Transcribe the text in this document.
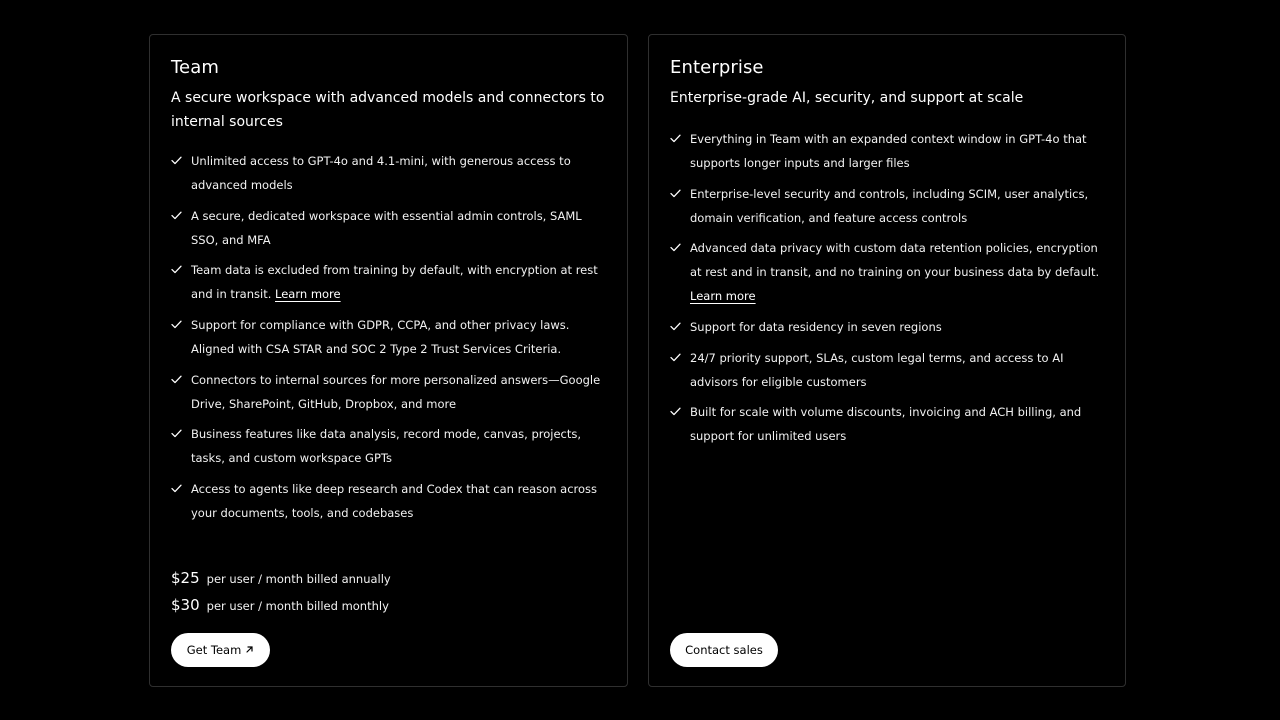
Team

A secure workspace with advanced models and connectors to internal sources

Unlimited access to GPT-4o and 4.1-mini, with generous access to advanced models
A secure, dedicated workspace with essential admin controls, SAML SSO, and MFA
Team data is excluded from training by default, with encryption at rest and in transit. Learn more
Support for compliance with GDPR, CCPA, and other privacy laws. Aligned with CSA STAR and SOC 2 Type 2 Trust Services Criteria.
Connectors to internal sources for more personalized answers—Google Drive, SharePoint, GitHub, Dropbox, and more
Business features like data analysis, record mode, canvas, projects, tasks, and custom workspace GPTs
Access to agents like deep research and Codex that can reason across your documents, tools, and codebases
$25 per user / month billed annually
$30 per user / month billed monthly
Get Team
Enterprise

Enterprise-grade AI, security, and support at scale

Everything in Team with an expanded context window in GPT-4o that supports longer inputs and larger files
Enterprise-level security and controls, including SCIM, user analytics, domain verification, and feature access controls
Advanced data privacy with custom data retention policies, encryption at rest and in transit, and no training on your business data by default. Learn more
Support for data residency in seven regions
24/7 priority support, SLAs, custom legal terms, and access to AI advisors for eligible customers
Built for scale with volume discounts, invoicing and ACH billing, and support for unlimited users
Contact sales
